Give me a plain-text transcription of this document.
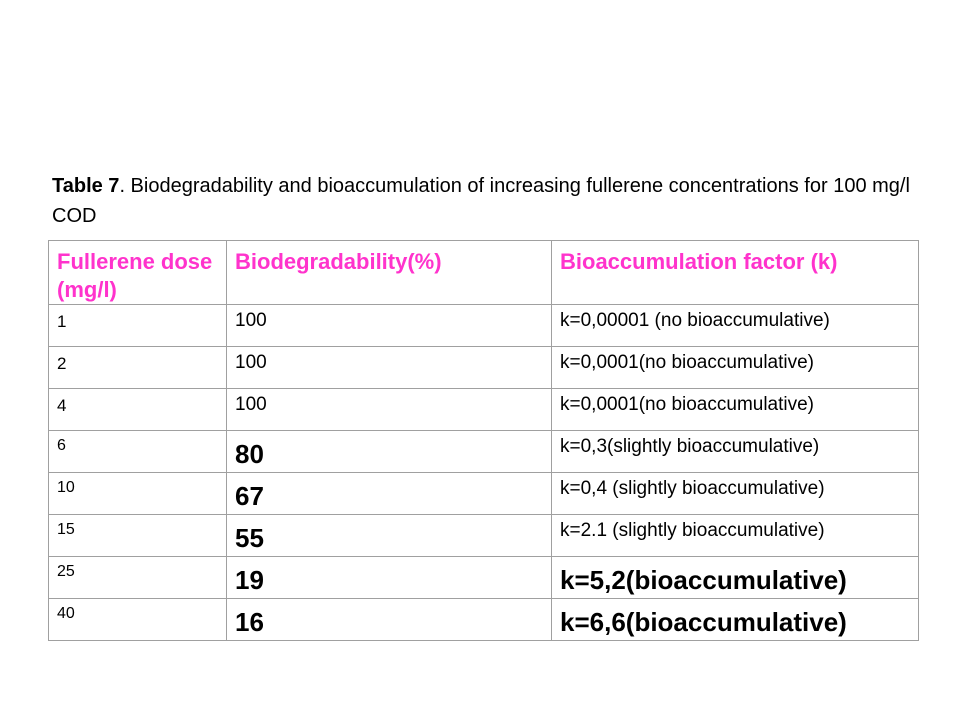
Table 7. Biodegradability and bioaccumulation of increasing fullerene concentrations for 100 mg/l COD
Fullerene dose (mg/l)	Biodegradability(%)	Bioaccumulation factor (k)
1	100	k=0,00001 (no bioaccumulative)
2	100	k=0,0001(no bioaccumulative)
4	100	k=0,0001(no bioaccumulative)
6	80	k=0,3(slightly bioaccumulative)
10	67	k=0,4 (slightly bioaccumulative)
15	55	k=2.1 (slightly bioaccumulative)
25	19	k=5,2(bioaccumulative)
40	16	k=6,6(bioaccumulative)
